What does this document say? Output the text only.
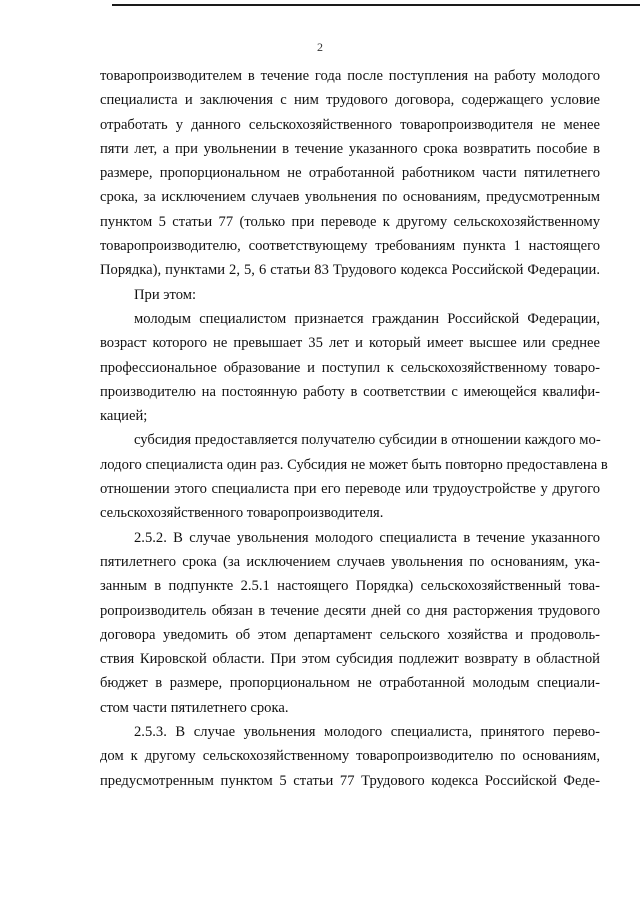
2

товаропроизводителем в течение года после поступления на работу молодого
специалиста и заключения с ним трудового договора, содержащего условие
отработать у данного сельскохозяйственного товаропроизводителя не менее
пяти лет, а при увольнении в течение указанного срока возвратить пособие в
размере, пропорциональном не отработанной работником части пятилетнего
срока, за исключением случаев увольнения по основаниям, предусмотренным
пунктом 5 статьи 77 (только при переводе к другому сельскохозяйственному
товаропроизводителю, соответствующему требованиям пункта 1 настоящего
Порядка), пунктами 2, 5, 6 статьи 83 Трудового кодекса Российской Федерации.

При этом:

молодым специалистом признается гражданин Российской Федерации,
возраст которого не превышает 35 лет и который имеет высшее или среднее
профессиональное образование и поступил к сельскохозяйственному товаро-
производителю на постоянную работу в соответствии с имеющейся квалифи-
кацией;

субсидия предоставляется получателю субсидии в отношении каждого мо-
лодого специалиста один раз. Субсидия не может быть повторно предоставлена в
отношении этого специалиста при его переводе или трудоустройстве у другого
сельскохозяйственного товаропроизводителя.

2.5.2. В случае увольнения молодого специалиста в течение указанного
пятилетнего срока (за исключением случаев увольнения по основаниям, ука-
занным в подпункте 2.5.1 настоящего Порядка) сельскохозяйственный това-
ропроизводитель обязан в течение десяти дней со дня расторжения трудового
договора уведомить об этом департамент сельского хозяйства и продоволь-
ствия Кировской области. При этом субсидия подлежит возврату в областной
бюджет в размере, пропорциональном не отработанной молодым специали-
стом части пятилетнего срока.

2.5.3. В случае увольнения молодого специалиста, принятого перево-
дом к другому сельскохозяйственному товаропроизводителю по основаниям,
предусмотренным пунктом 5 статьи 77 Трудового кодекса Российской Феде-
